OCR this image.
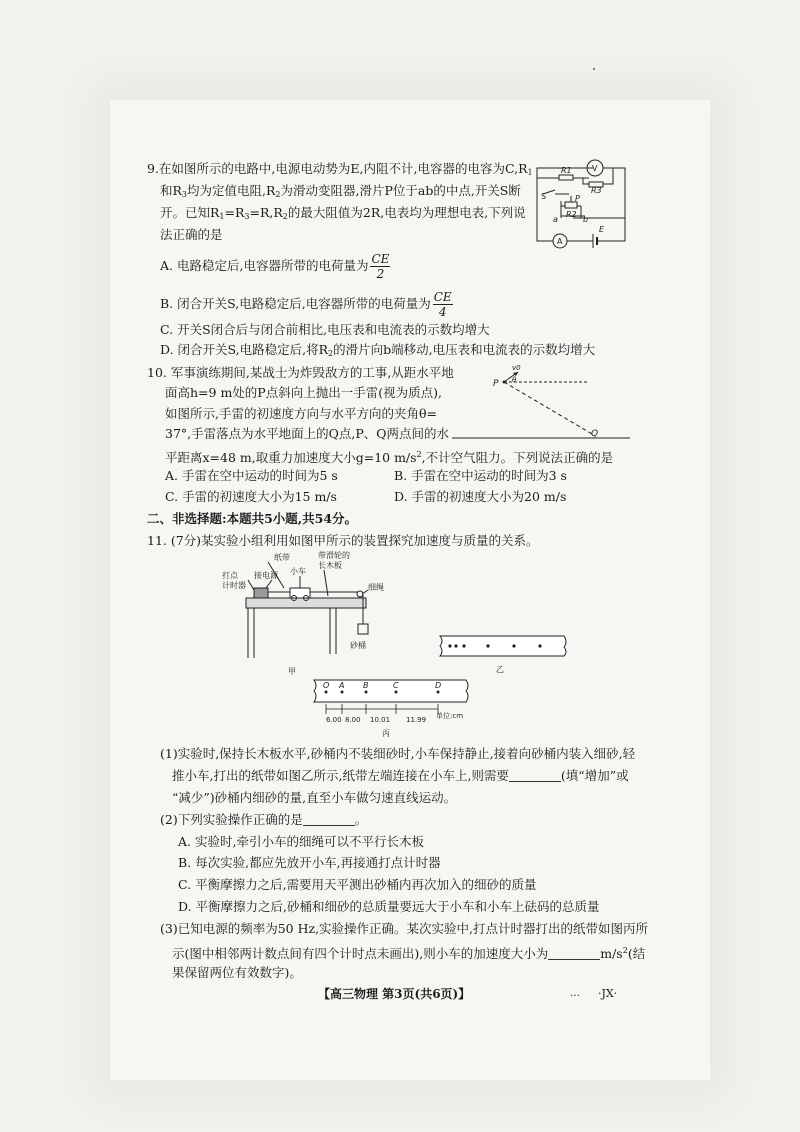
9.在如图所示的电路中,电源电动势为E,内阻不计,电容器的电容为$C,R_1$
和$R_3$均为定值电阻$,R_2$为滑动变阻器,滑片P位于ab的中点,开关S断
开。已知$R_1=R_3=R,R_2$的最大阻值为2R,电表均为理想电表,下列说
法正确的是
A. 电路稳定后,电容器所带的电荷量为 $\frac{CE}{2}$
B. 闭合开关S,电路稳定后,电容器所带的电荷量为 $\frac{CE}{4}$
C. 开关S闭合后与闭合前相比,电压表和电流表的示数均增大
D. 闭合开关S,电路稳定后,将$R_2$的滑片向b端移动,电压表和电流表的示数均增大
V
A
E
S	P
R1
R3
R2
a	b
10. 军事演练期间,某战士为炸毁敌方的工事,从距水平地
面高h=9 m处的P点斜向上抛出一手雷(视为质点),
如图所示,手雷的初速度方向与水平方向的夹角θ=
37°,手雷落点为水平地面上的Q点,P、Q两点间的水
平距离x=48 m,取重力加速度大小g=10 $m/s^2$,不计空气阻力。下列说法正确的是
A. 手雷在空中运动的时间为5 s	B. 手雷在空中运动的时间为3 s
C. 手雷的初速度大小为15 m/s	D. 手雷的初速度大小为20 m/s
P
Q
v0
θ
二、非选择题:本题共5小题,共54分。
11. (7分)某实验小组利用如图甲所示的装置探究加速度与质量的关系。
纸带	带滑轮的
长木板
打点
计时器
接电源 小车
细绳
砂桶
甲	乙
O A B	C	D
6.00 8.00 10.01 11.99 单位:cm
丙
(1)实验时,保持长木板水平,砂桶内不装细砂时,小车保持静止,接着向砂桶内装入细砂,轻
推小车,打出的纸带如图乙所示,纸带左端连接在小车上,则需要	(填“增加”或
“减少”)砂桶内细砂的量,直至小车做匀速直线运动。
(2)下列实验操作正确的是	。
A. 实验时,牵引小车的细绳可以不平行长木板
B. 每次实验,都应先放开小车,再接通打点计时器
C. 平衡摩擦力之后,需要用天平测出砂桶内再次加入的细砂的质量
D. 平衡摩擦力之后,砂桶和细砂的总质量要远大于小车和小车上砝码的总质量
(3)已知电源的频率为50 Hz,实验操作正确。某次实验中,打点计时器打出的纸带如图丙所
示(图中相邻两计数点间有四个计时点未画出),则小车的加速度大小为	$m/s^2$(结
果保留两位有效数字)。
【高三物理 第3页(共6页)】	… ·JX·
